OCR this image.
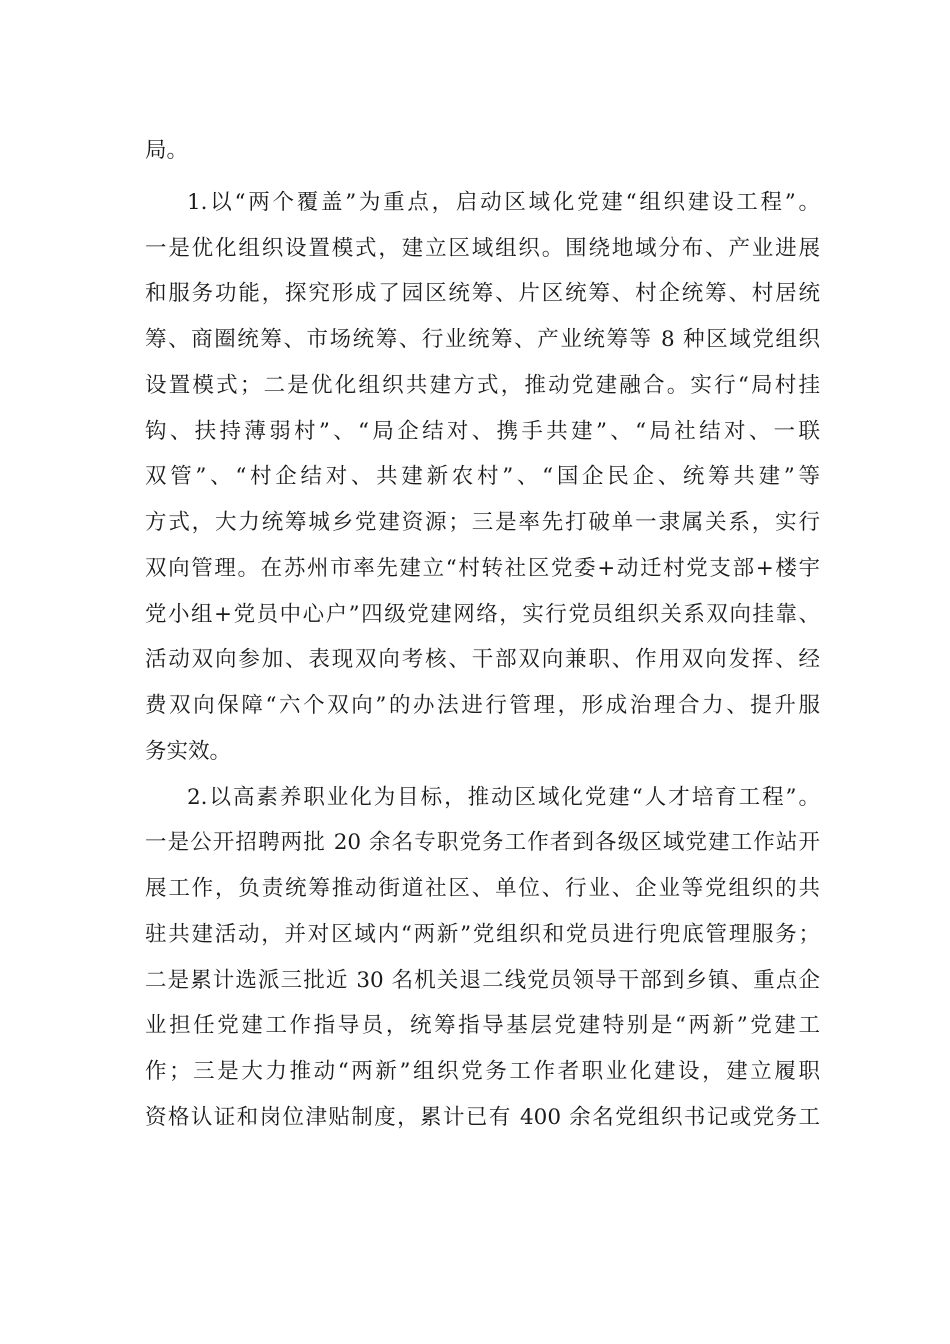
局。
1.以“两个覆盖”为重点，启动区域化党建“组织建设工程”。
一是优化组织设置模式，建立区域组织。围绕地域分布、产业进展
和服务功能，探究形成了园区统筹、片区统筹、村企统筹、村居统
筹、商圈统筹、市场统筹、行业统筹、产业统筹等 8 种区域党组织
设置模式；二是优化组织共建方式，推动党建融合。实行“局村挂
钩、扶持薄弱村”、“局企结对、携手共建”、“局社结对、一联
双管”、“村企结对、共建新农村”、“国企民企、统筹共建”等
方式，大力统筹城乡党建资源；三是率先打破单一隶属关系，实行
双向管理。在苏州市率先建立“村转社区党委+动迁村党支部+楼宇
党小组+党员中心户”四级党建网络，实行党员组织关系双向挂靠、
活动双向参加、表现双向考核、干部双向兼职、作用双向发挥、经
费双向保障“六个双向”的办法进行管理，形成治理合力、提升服
务实效。
2.以高素养职业化为目标，推动区域化党建“人才培育工程”。
一是公开招聘两批 20 余名专职党务工作者到各级区域党建工作站开
展工作，负责统筹推动街道社区、单位、行业、企业等党组织的共
驻共建活动，并对区域内“两新”党组织和党员进行兜底管理服务；
二是累计选派三批近 30 名机关退二线党员领导干部到乡镇、重点企
业担任党建工作指导员，统筹指导基层党建特别是“两新”党建工
作；三是大力推动“两新”组织党务工作者职业化建设，建立履职
资格认证和岗位津贴制度，累计已有 400 余名党组织书记或党务工
